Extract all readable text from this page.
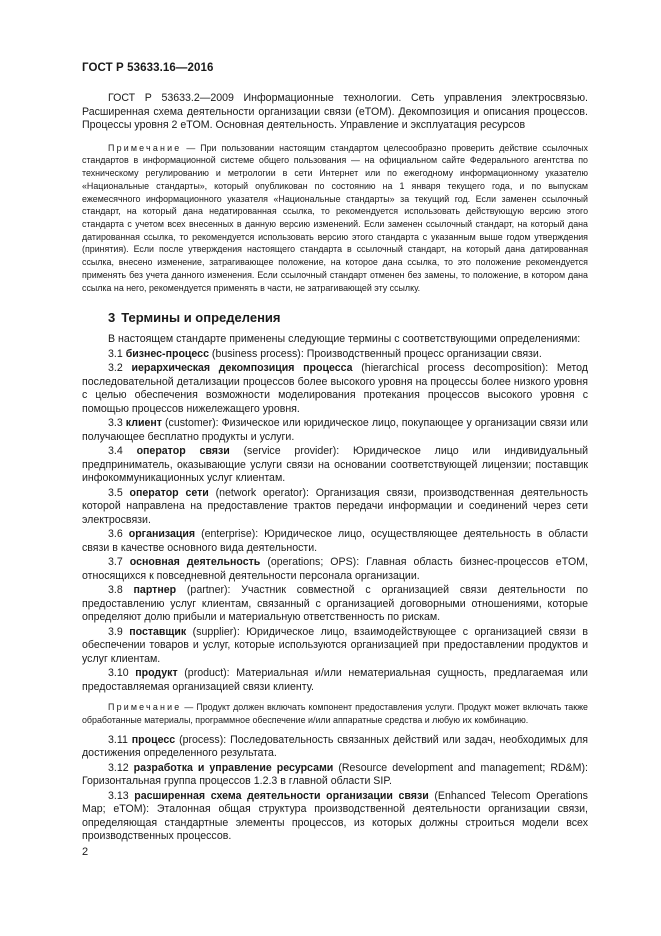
ГОСТ Р 53633.16—2016

ГОСТ Р 53633.2—2009 Информационные технологии. Сеть управления электросвязью. Расширенная схема деятельности организации связи (eTOM). Декомпозиция и описания процессов. Процессы уровня 2 eTOM. Основная деятельность. Управление и эксплуатация ресурсов

Примечание — При пользовании настоящим стандартом целесообразно проверить действие ссылочных стандартов в информационной системе общего пользования — на официальном сайте Федерального агентства по техническому регулированию и метрологии в сети Интернет или по ежегодному информационному указателю «Национальные стандарты», который опубликован по состоянию на 1 января текущего года, и по выпускам ежемесячного информационного указателя «Национальные стандарты» за текущий год. Если заменен ссылочный стандарт, на который дана недатированная ссылка, то рекомендуется использовать действующую версию этого стандарта с учетом всех внесенных в данную версию изменений. Если заменен ссылочный стандарт, на который дана датированная ссылка, то рекомендуется использовать версию этого стандарта с указанным выше годом утверждения (принятия). Если после утверждения настоящего стандарта в ссылочный стандарт, на который дана датированная ссылка, внесено изменение, затрагивающее положение, на которое дана ссылка, то это положение рекомендуется применять без учета данного изменения. Если ссылочный стандарт отменен без замены, то положение, в котором дана ссылка на него, рекомендуется применять в части, не затрагивающей эту ссылку.

3 Термины и определения

В настоящем стандарте применены следующие термины с соответствующими определениями:

3.1 бизнес-процесс (business process): Производственный процесс организации связи.

3.2 иерархическая декомпозиция процесса (hierarchical process decomposition): Метод последовательной детализации процессов более высокого уровня на процессы более низкого уровня с целью обеспечения возможности моделирования протекания процессов высокого уровня с помощью процессов нижележащего уровня.

3.3 клиент (customer): Физическое или юридическое лицо, покупающее у организации связи или получающее бесплатно продукты и услуги.

3.4 оператор связи (service provider): Юридическое лицо или индивидуальный предприниматель, оказывающие услуги связи на основании соответствующей лицензии; поставщик инфокоммуникационных услуг клиентам.

3.5 оператор сети (network operator): Организация связи, производственная деятельность которой направлена на предоставление трактов передачи информации и соединений через сети электросвязи.

3.6 организация (enterprise): Юридическое лицо, осуществляющее деятельность в области связи в качестве основного вида деятельности.

3.7 основная деятельность (operations; OPS): Главная область бизнес-процессов eTOM, относящихся к повседневной деятельности персонала организации.

3.8 партнер (partner): Участник совместной с организацией связи деятельности по предоставлению услуг клиентам, связанный с организацией договорными отношениями, которые определяют долю прибыли и материальную ответственность по рискам.

3.9 поставщик (supplier): Юридическое лицо, взаимодействующее с организацией связи в обеспечении товаров и услуг, которые используются организацией при предоставлении продуктов и услуг клиентам.

3.10 продукт (product): Материальная и/или нематериальная сущность, предлагаемая или предоставляемая организацией связи клиенту.

Примечание — Продукт должен включать компонент предоставления услуги. Продукт может включать также обработанные материалы, программное обеспечение и/или аппаратные средства и любую их комбинацию.

3.11 процесс (process): Последовательность связанных действий или задач, необходимых для достижения определенного результата.

3.12 разработка и управление ресурсами (Resource development and management; RD&M): Горизонтальная группа процессов 1.2.3 в главной области SIP.

3.13 расширенная схема деятельности организации связи (Enhanced Telecom Operations Map; eTOM): Эталонная общая структура производственной деятельности организации связи, определяющая стандартные элементы процессов, из которых должны строиться модели всех производственных процессов.

2
